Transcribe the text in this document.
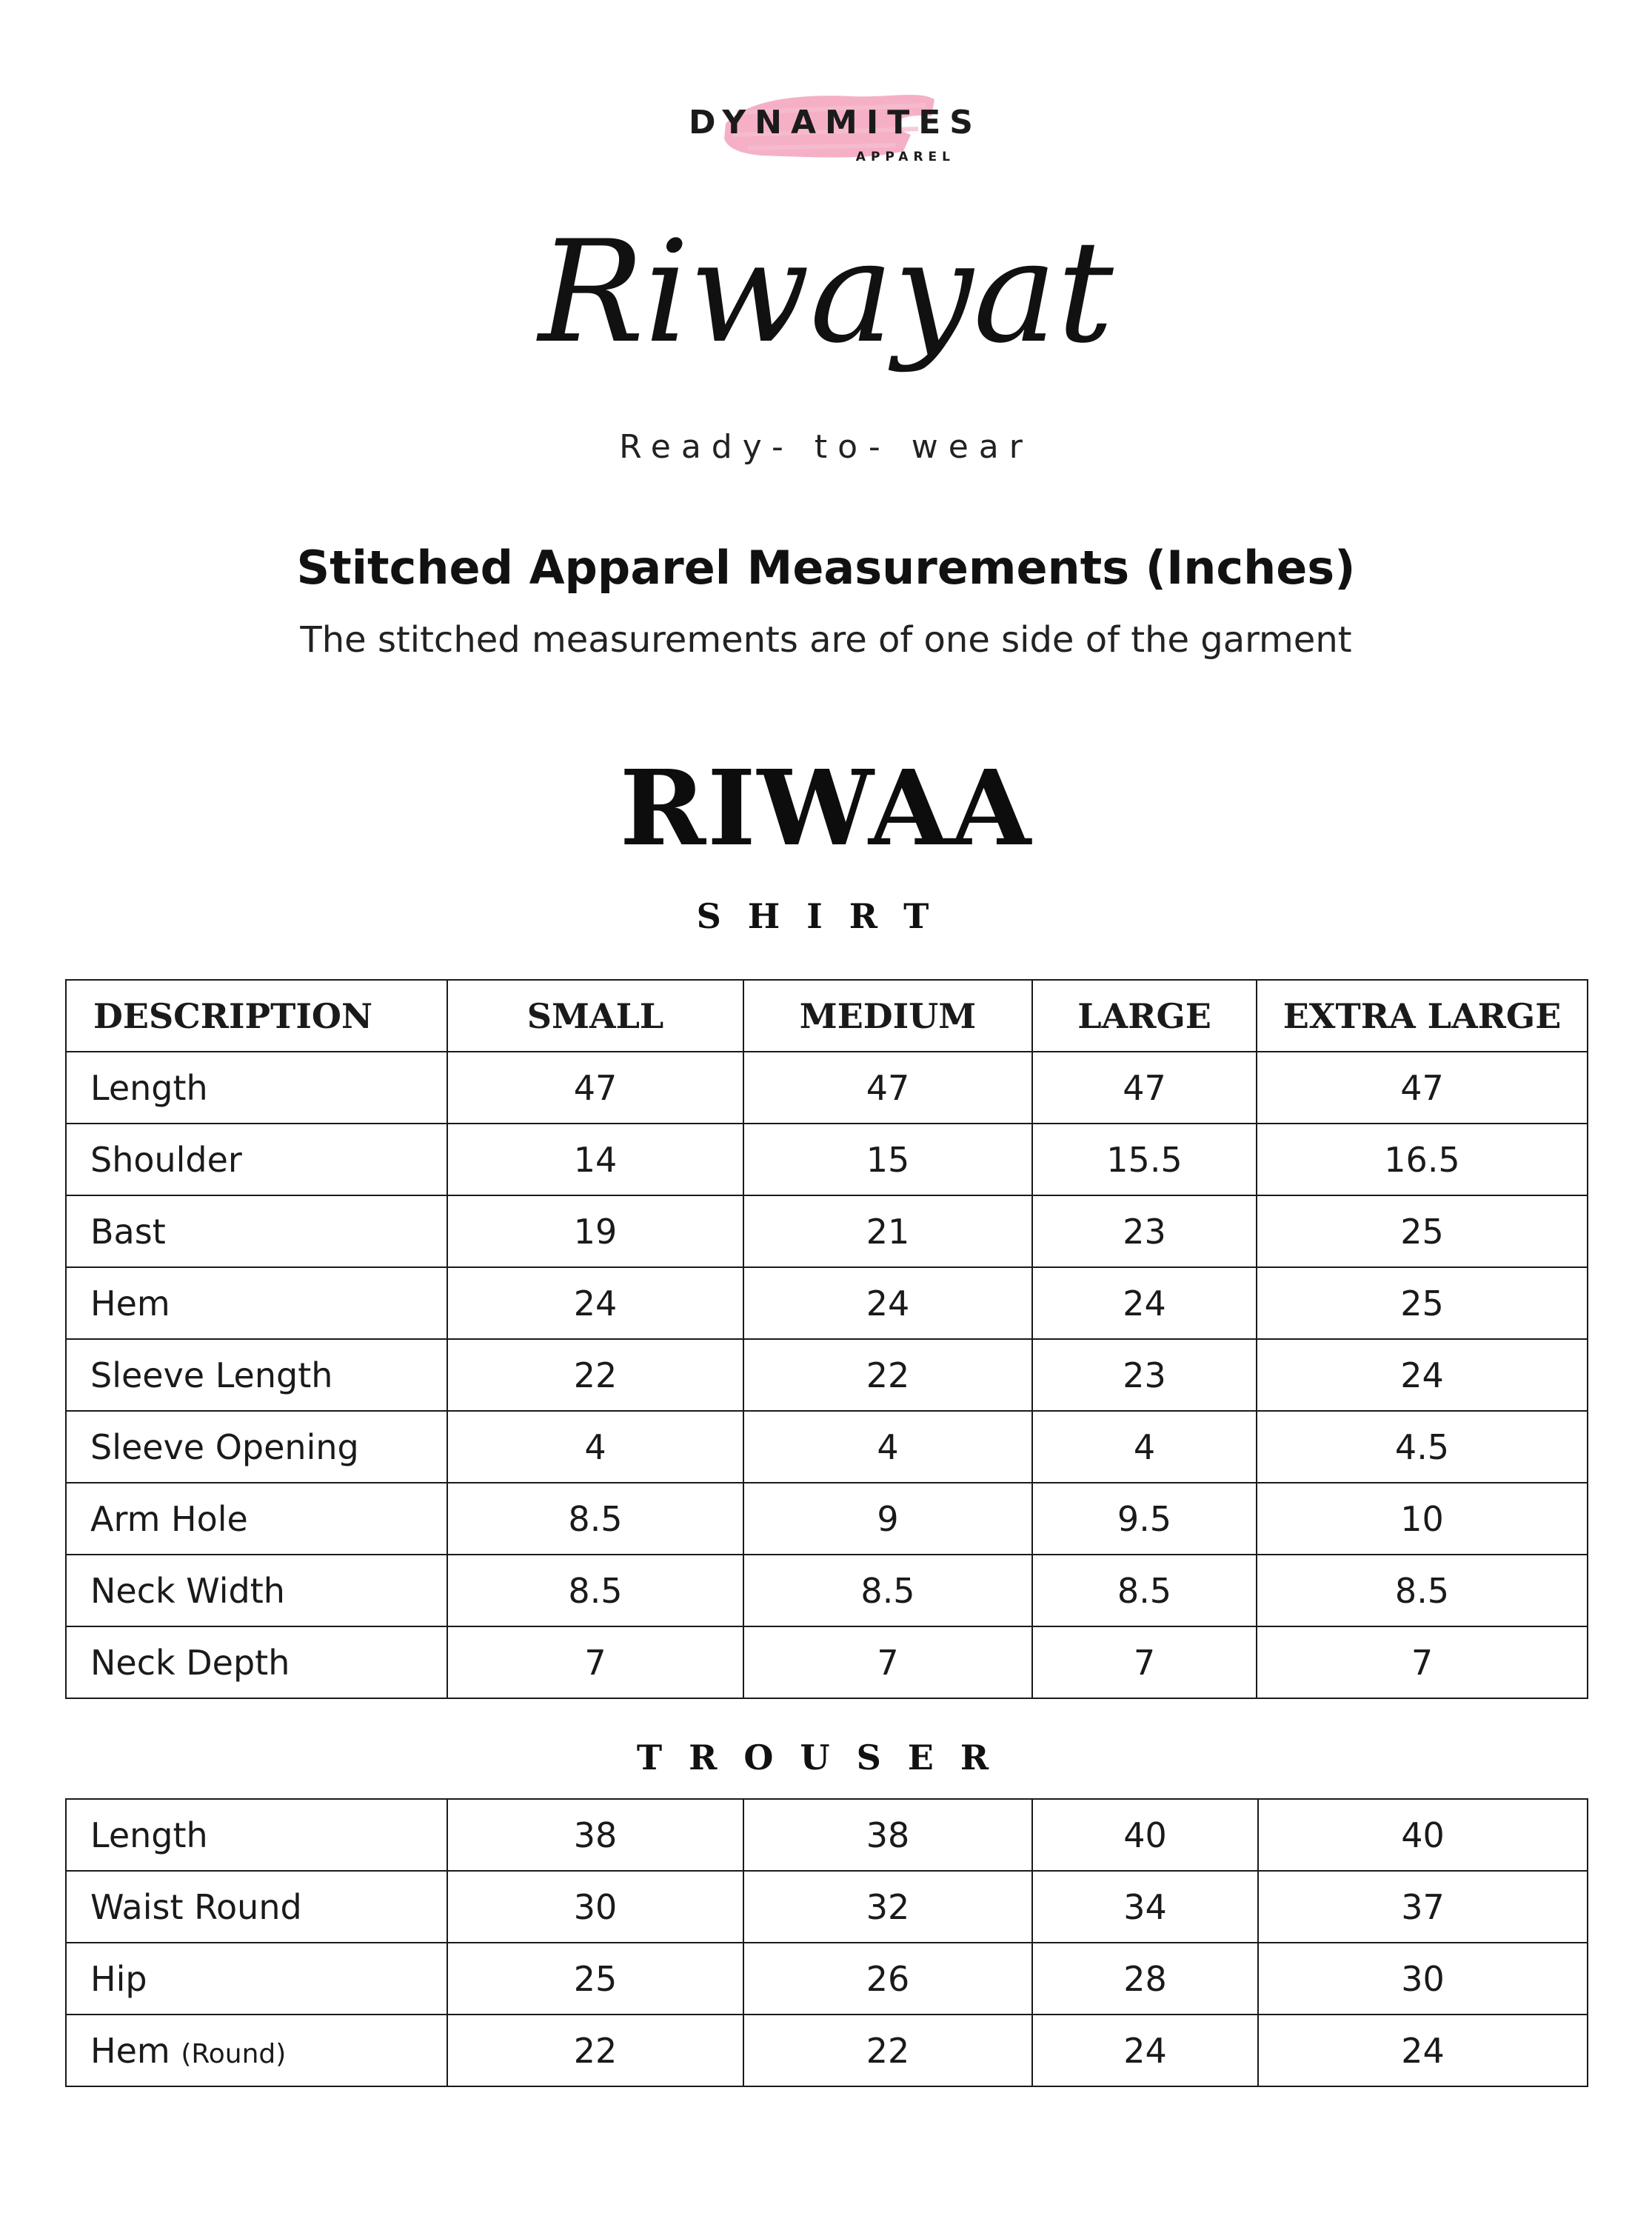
DYNAMITES
APPAREL
Riwayat
Ready- to- wear
Stitched Apparel Measurements (Inches)
The stitched measurements are of one side of the garment
RIWAA
SHIRT
DESCRIPTION	SMALL	MEDIUM	LARGE	EXTRA LARGE
Length	47	47	47	47
Shoulder	14	15	15.5	16.5
Bast	19	21	23	25
Hem	24	24	24	25
Sleeve Length	22	22	23	24
Sleeve Opening	4	4	4	4.5
Arm Hole	8.5	9	9.5	10
Neck Width	8.5	8.5	8.5	8.5
Neck Depth	7	7	7	7
TROUSER
Length	38	38	40	40
Waist Round	30	32	34	37
Hip	25	26	28	30
Hem (Round)	22	22	24	24
